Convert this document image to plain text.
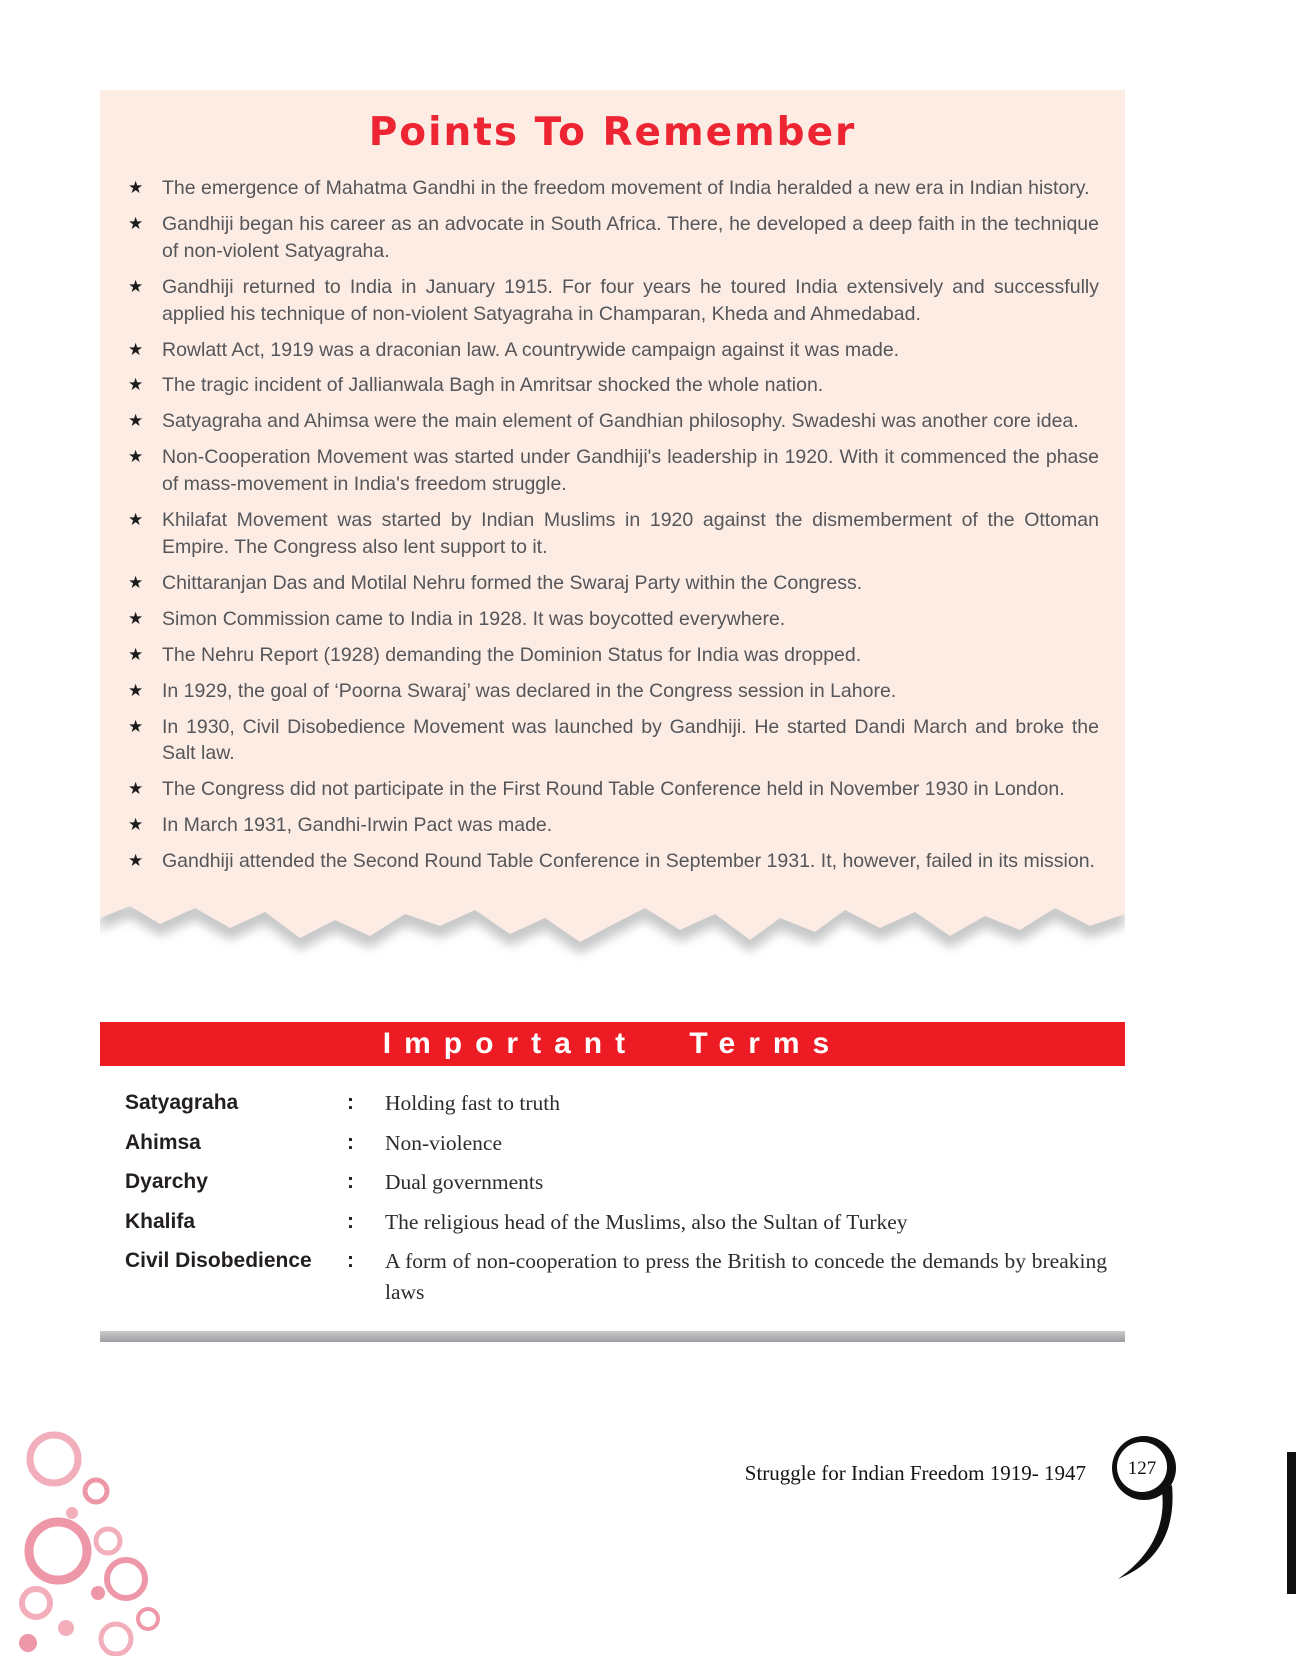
Points To Remember
★ The emergence of Mahatma Gandhi in the freedom movement of India heralded a new era in Indian history.
★ Gandhiji began his career as an advocate in South Africa. There, he developed a deep faith in the technique of non-violent Satyagraha.
★ Gandhiji returned to India in January 1915. For four years he toured India extensively and successfully applied his technique of non-violent Satyagraha in Champaran, Kheda and Ahmedabad.
★ Rowlatt Act, 1919 was a draconian law. A countrywide campaign against it was made.
★ The tragic incident of Jallianwala Bagh in Amritsar shocked the whole nation.
★ Satyagraha and Ahimsa were the main element of Gandhian philosophy. Swadeshi was another core idea.
★ Non-Cooperation Movement was started under Gandhiji's leadership in 1920. With it commenced the phase of mass-movement in India's freedom struggle.
★ Khilafat Movement was started by Indian Muslims in 1920 against the dismemberment of the Ottoman Empire. The Congress also lent support to it.
★ Chittaranjan Das and Motilal Nehru formed the Swaraj Party within the Congress.
★ Simon Commission came to India in 1928. It was boycotted everywhere.
★ The Nehru Report (1928) demanding the Dominion Status for India was dropped.
★ In 1929, the goal of ‘Poorna Swaraj’ was declared in the Congress session in Lahore.
★ In 1930, Civil Disobedience Movement was launched by Gandhiji. He started Dandi March and broke the Salt law.
★ The Congress did not participate in the First Round Table Conference held in November 1930 in London.
★ In March 1931, Gandhi-Irwin Pact was made.
★ Gandhiji attended the Second Round Table Conference in September 1931. It, however, failed in its mission.
Important Terms
Satyagraha	:	Holding fast to truth
Ahimsa	:	Non-violence
Dyarchy	:	Dual governments
Khalifa	:	The religious head of the Muslims, also the Sultan of Turkey
Civil Disobedience	:	A form of non-cooperation to press the British to concede the demands by breaking laws
Struggle for Indian Freedom 1919- 1947 127
